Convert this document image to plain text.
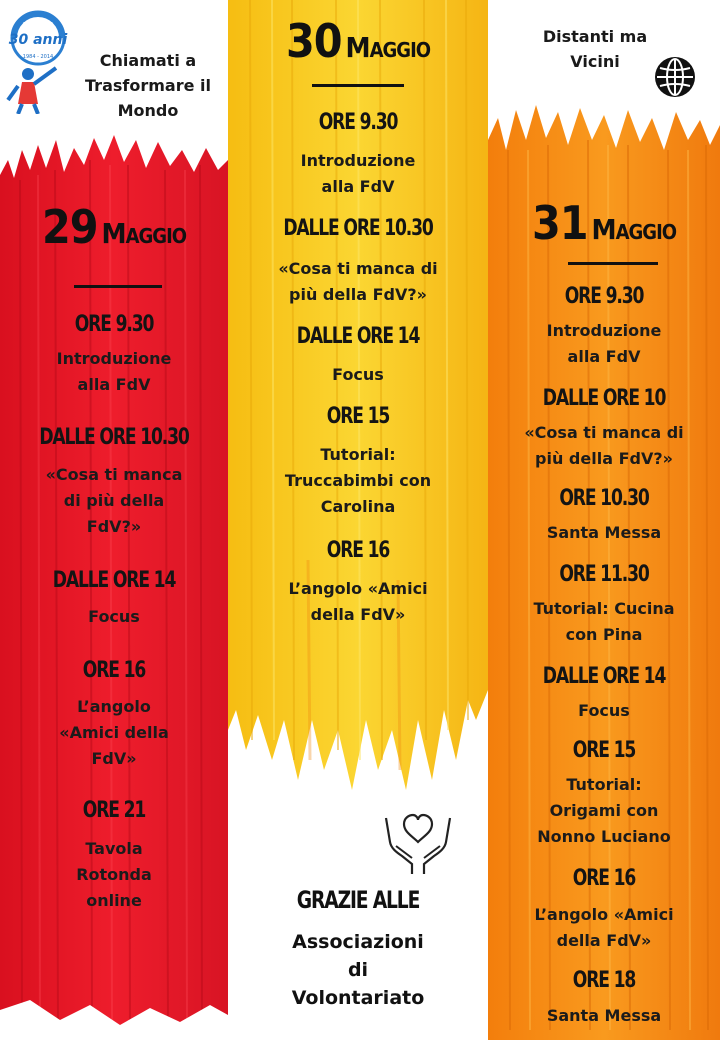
30 anni
1984 - 2014
1984 - 2014	Chiamati a
Trasformare il
Mondo
Distanti ma
Vicini
29 Maggio
ORE 9.30
Introduzione
alla FdV
DALLE ORE 10.30
«Cosa ti manca
di più della
FdV?»
DALLE ORE 14
Focus
ORE 16
L’angolo
«Amici della
FdV»
ORE 21
Tavola
Rotonda
online
30 Maggio
ORE 9.30
Introduzione
alla FdV
DALLE ORE 10.30
«Cosa ti manca di
più della FdV?»
DALLE ORE 14
Focus
ORE 15
Tutorial:
Truccabimbi con
Carolina
ORE 16
L’angolo «Amici
della FdV»
31 Maggio
ORE 9.30
Introduzione
alla FdV
DALLE ORE 10
«Cosa ti manca di
più della FdV?»
ORE 10.30
Santa Messa
ORE 11.30
Tutorial: Cucina
con Pina
DALLE ORE 14
Focus
ORE 15
Tutorial:
Origami con
Nonno Luciano
ORE 16
L’angolo «Amici
della FdV»
ORE 18
Santa Messa
GRAZIE ALLE
Associazioni
di
Volontariato
